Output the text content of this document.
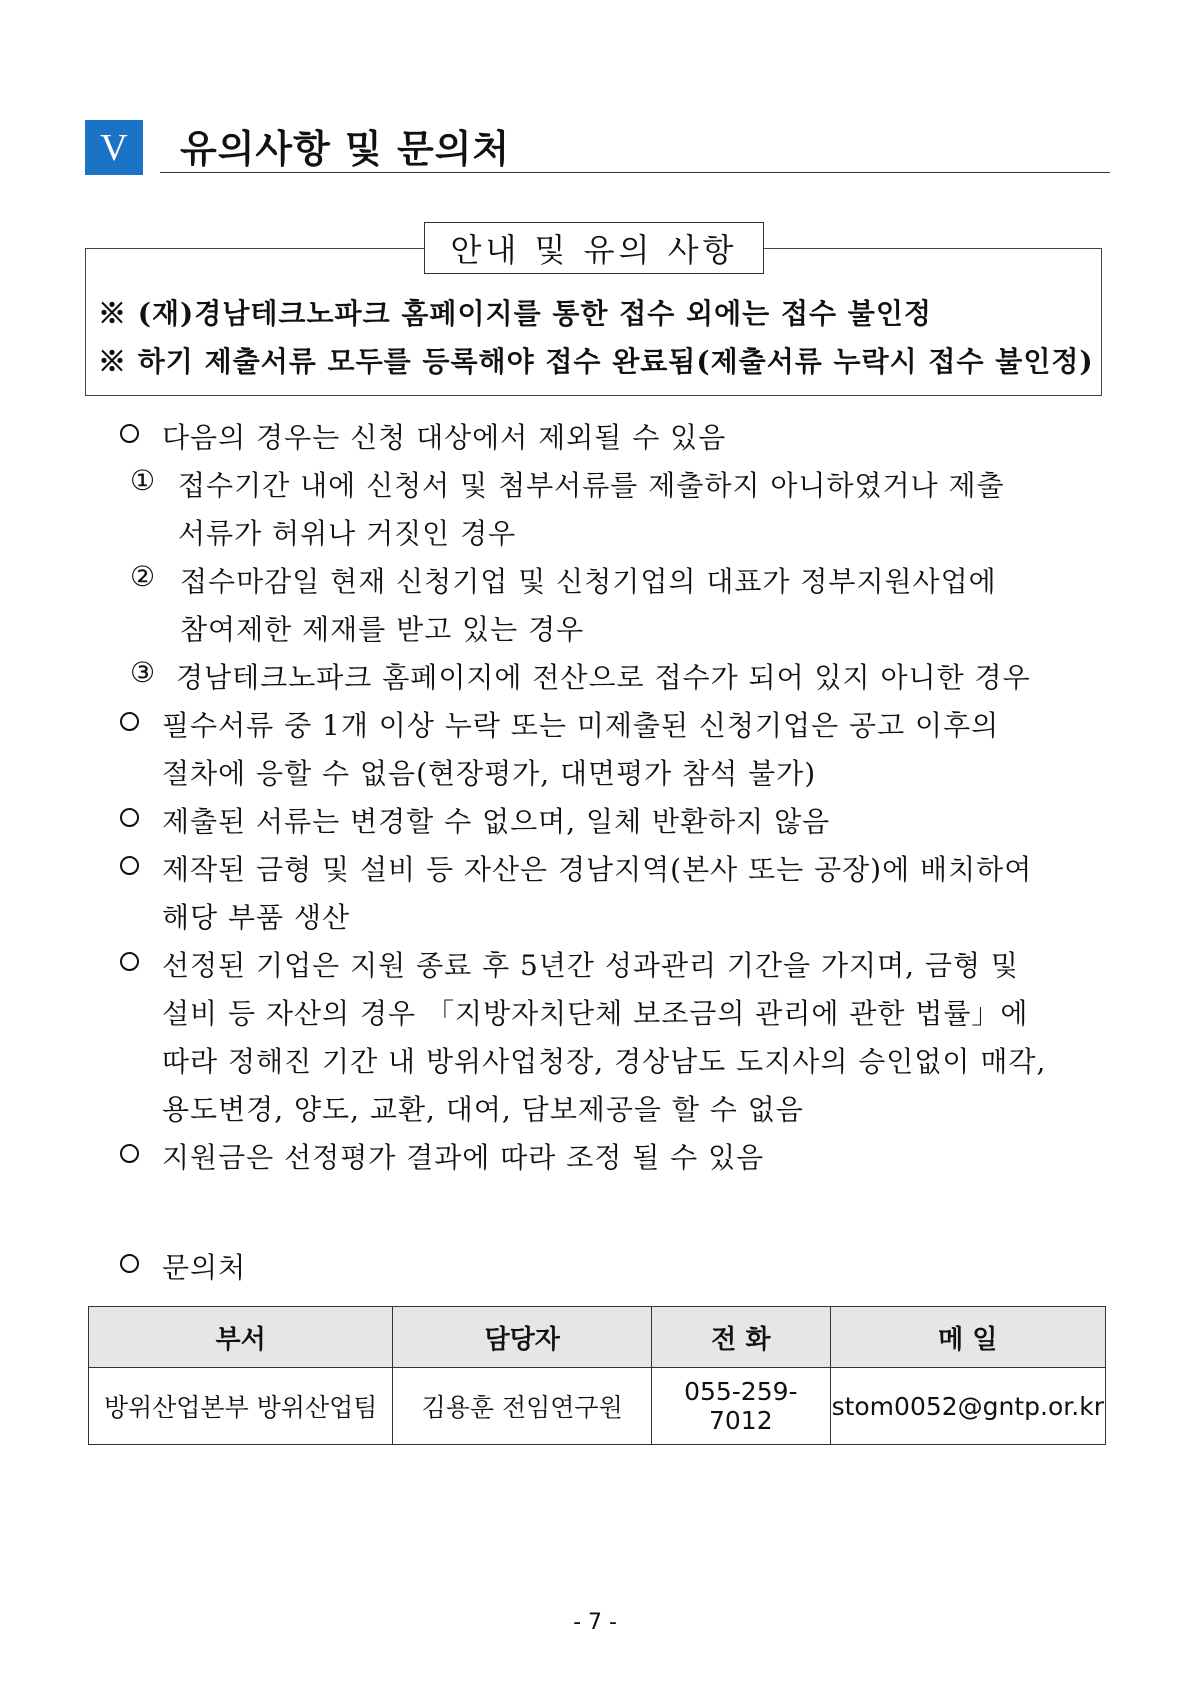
V	유의사항 및 문의처
안내 및 유의 사항
※ (재)경남테크노파크 홈페이지를 통한 접수 외에는 접수 불인정
※ 하기 제출서류 모두를 등록해야 접수 완료됨(제출서류 누락시 접수 불인정)
다음의 경우는 신청 대상에서 제외될 수 있음
① 접수기간 내에 신청서 및 첨부서류를 제출하지 아니하였거나 제출
서류가 허위나 거짓인 경우
② 접수마감일 현재 신청기업 및 신청기업의 대표가 정부지원사업에
참여제한 제재를 받고 있는 경우
③ 경남테크노파크 홈페이지에 전산으로 접수가 되어 있지 아니한 경우
필수서류 중 1개 이상 누락 또는 미제출된 신청기업은 공고 이후의
절차에 응할 수 없음(현장평가, 대면평가 참석 불가)
제출된 서류는 변경할 수 없으며, 일체 반환하지 않음
제작된 금형 및 설비 등 자산은 경남지역(본사 또는 공장)에 배치하여
해당 부품 생산
선정된 기업은 지원 종료 후 5년간 성과관리 기간을 가지며, 금형 및
설비 등 자산의 경우 「지방자치단체 보조금의 관리에 관한 법률」에
따라 정해진 기간 내 방위사업청장, 경상남도 도지사의 승인없이 매각,
용도변경, 양도, 교환, 대여, 담보제공을 할 수 없음
지원금은 선정평가 결과에 따라 조정 될 수 있음
문의처
부서	담당자	전 화	메 일
방위산업본부 방위산업팀	김용훈 전임연구원	055-259-7012	stom0052@gntp.or.kr
- 7 -
